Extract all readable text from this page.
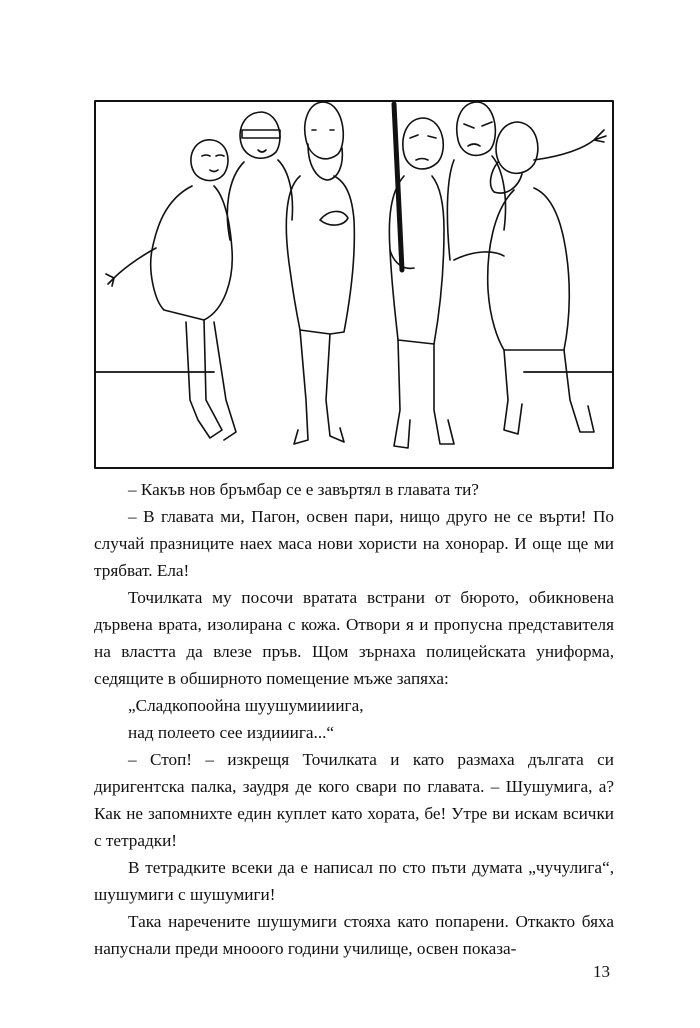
– Какъв нов бръмбар се е завъртял в главата ти?

– В главата ми, Пагон, освен пари, нищо друго не се върти! По случай празниците наех маса нови хористи на хонорар. И още ще ми трябват. Ела!

Точилката му посочи вратата встрани от бюрото, обикновена дървена врата, изолирана с кожа. Отвори я и пропусна представителя на властта да влезе пръв. Щом зърнаха полицейската униформа, седящите в обширното помещение мъже запяха:

„Сладкопоойна шуушумиииига,

над полеето сее издииига...“

– Стоп! – изкрещя Точилката и като размаха дългата си диригентска палка, заудря де кого свари по главата. – Шушумига, а? Как не запомнихте един куплет като хората, бе! Утре ви искам всички с тетрадки!

В тетрадките всеки да е написал по сто пъти думата „чучулига“, шушумиги с шушумиги!

Така наречените шушумиги стояха като попарени. Откакто бяха напуснали преди мнооого години училище, освен показа-

13
